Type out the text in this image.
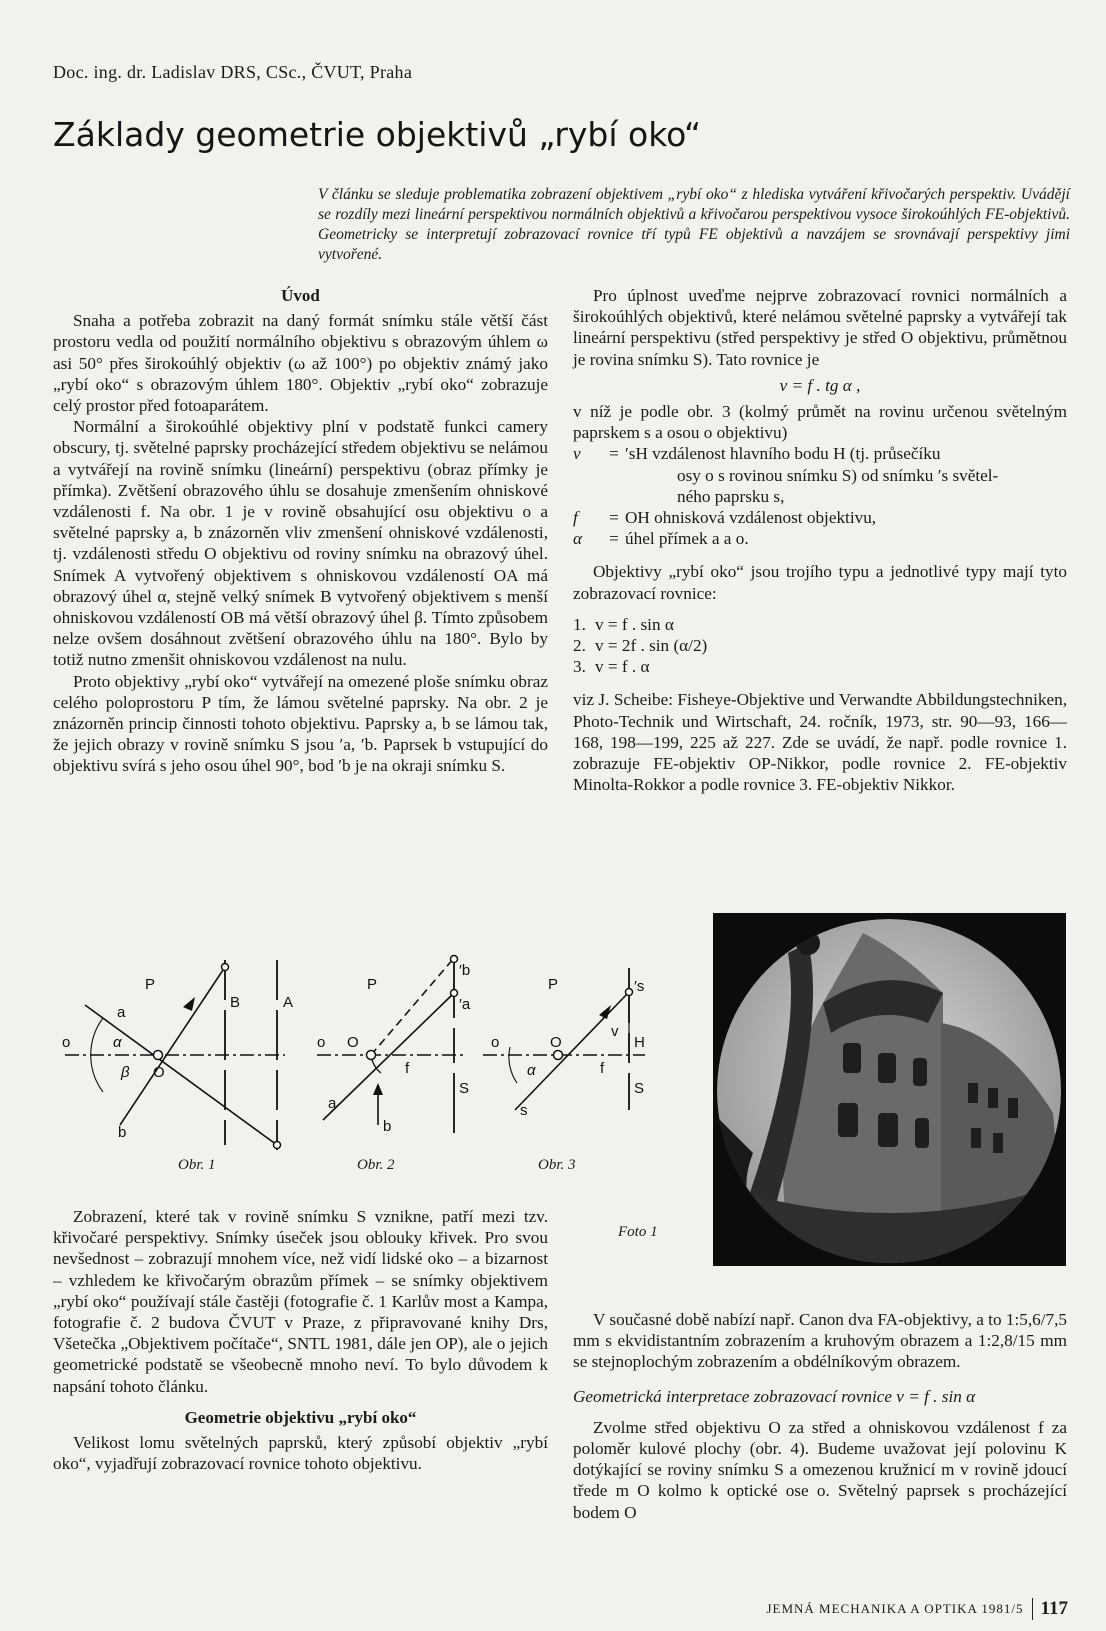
Doc. ing. dr. Ladislav DRS, CSc., ČVUT, Praha
Základy geometrie objektivů „rybí oko“
V článku se sleduje problematika zobrazení objektivem „rybí oko“ z hlediska vytváření křivočarých perspektiv. Uvádějí se rozdíly mezi lineární perspektivou normálních objektivů a křivočarou perspektivou vysoce širokoúhlých FE-objektivů. Geometricky se interpretují zobrazovací rovnice tří typů FE objektivů a navzájem se srovnávají perspektivy jimi vytvořené.
Úvod

Snaha a potřeba zobrazit na daný formát snímku stále větší část prostoru vedla od použití normálního objektivu s obrazovým úhlem ω asi 50° přes širokoúhlý objektiv (ω až 100°) po objektiv známý jako „rybí oko“ s obrazovým úhlem 180°. Objektiv „rybí oko“ zobrazuje celý prostor před fotoaparátem.

Normální a širokoúhlé objektivy plní v podstatě funkci camery obscury, tj. světelné paprsky procházející středem objektivu se nelámou a vytvářejí na rovině snímku (lineární) perspektivu (obraz přímky je přímka). Zvětšení obrazového úhlu se dosahuje zmenšením ohniskové vzdálenosti f. Na obr. 1 je v rovině obsahující osu objektivu o a světelné paprsky a, b znázorněn vliv zmenšení ohniskové vzdálenosti, tj. vzdálenosti středu O objektivu od roviny snímku na obrazový úhel. Snímek A vytvořený objektivem s ohniskovou vzdáleností OA má obrazový úhel α, stejně velký snímek B vytvořený objektivem s menší ohniskovou vzdáleností OB má větší obrazový úhel β. Tímto způsobem nelze ovšem dosáhnout zvětšení obrazového úhlu na 180°. Bylo by totiž nutno zmenšit ohniskovou vzdálenost na nulu.

Proto objektivy „rybí oko“ vytvářejí na omezené ploše snímku obraz celého poloprostoru P tím, že lámou světelné paprsky. Na obr. 2 je znázorněn princip činnosti tohoto objektivu. Paprsky a, b se lámou tak, že jejich obrazy v rovině snímku S jsou ′a, ′b. Paprsek b vstupující do objektivu svírá s jeho osou úhel 90°, bod ′b je na okraji snímku S.

Pro úplnost uveďme nejprve zobrazovací rovnici normálních a širokoúhlých objektivů, které nelámou světelné paprsky a vytvářejí tak lineární perspektivu (střed perspektivy je střed O objektivu, průmětnou je rovina snímku S). Tato rovnice je

v = f . tg α ,

v níž je podle obr. 3 (kolmý průmět na rovinu určenou světelným paprskem s a osou o objektivu)

v	= ′sH vzdálenost hlavního bodu H (tj. průsečíku
osy o s rovinou snímku S) od snímku ′s světel-
ného paprsku s,
f	= OH ohnisková vzdálenost objektivu,
α	= úhel přímek a a o.

Objektivy „rybí oko“ jsou trojího typu a jednotlivé typy mají tyto zobrazovací rovnice:

1. v = f . sin α
2. v = 2f . sin (α/2)
3. v = f . α

viz J. Scheibe: Fisheye-Objektive und Verwandte Abbildungstechniken, Photo-Technik und Wirtschaft, 24. ročník, 1973, str. 90—93, 166—168, 198—199, 225 až 227. Zde se uvádí, že např. podle rovnice 1. zobrazuje FE-objektiv OP-Nikkor, podle rovnice 2. FE-objektiv Minolta-Rokkor a podle rovnice 3. FE-objektiv Nikkor.

P
B	A
a
o	α
β O
b
P
′b
′a
o O
f
a
b
S
P	′s
v
H
o	O
α	f
s
S
Obr. 1	Obr. 2	Obr. 3
Foto 1

Zobrazení, které tak v rovině snímku S vznikne, patří mezi tzv. křivočaré perspektivy. Snímky úseček jsou oblouky křivek. Pro svou nevšednost – zobrazují mnohem více, než vidí lidské oko – a bizarnost – vzhledem ke křivočarým obrazům přímek – se snímky objektivem „rybí oko“ používají stále častěji (fotografie č. 1 Karlův most a Kampa, fotografie č. 2 budova ČVUT v Praze, z připravované knihy Drs, Všetečka „Objektivem počítače“, SNTL 1981, dále jen OP), ale o jejich geometrické podstatě se všeobecně mnoho neví. To bylo důvodem k napsání tohoto článku.

Geometrie objektivu „rybí oko“

Velikost lomu světelných paprsků, který způsobí objektiv „rybí oko“, vyjadřují zobrazovací rovnice tohoto objektivu.

V současné době nabízí např. Canon dva FA-objektivy, a to 1:5,6/7,5 mm s ekvidistantním zobrazením a kruhovým obrazem a 1:2,8/15 mm se stejnoplochým zobrazením a obdélníkovým obrazem.

Geometrická interpretace zobrazovací rovnice v = f . sin α

Zvolme střed objektivu O za střed a ohniskovou vzdálenost f za poloměr kulové plochy (obr. 4). Budeme uvažovat její polovinu K dotýkající se roviny snímku S a omezenou kružnicí m v rovině jdoucí třede m O kolmo k optické ose o. Světelný paprsek s procházející bodem O

JEMNÁ MECHANIKA A OPTIKA 1981/5 117
